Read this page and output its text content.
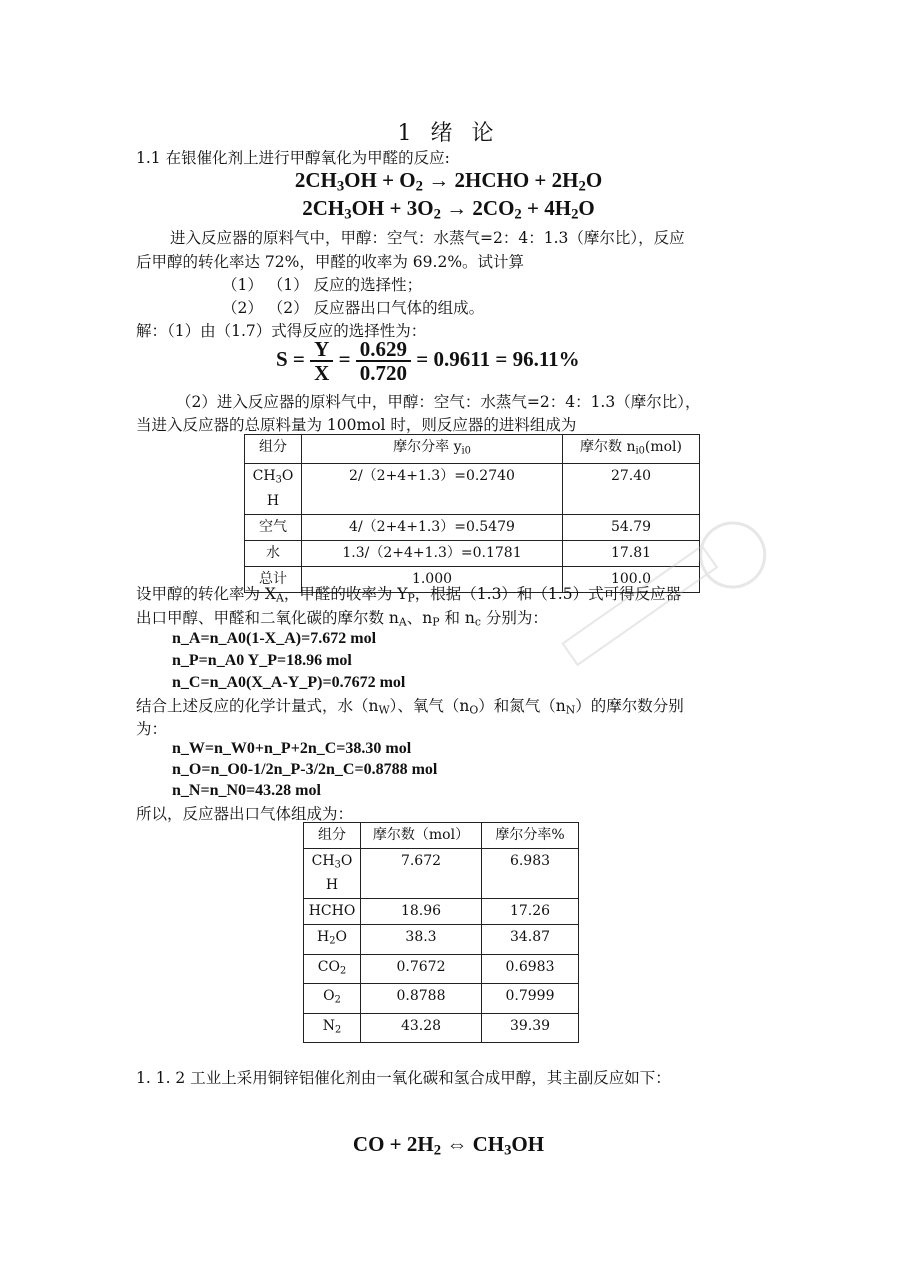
1 绪 论
1.1 在银催化剂上进行甲醇氧化为甲醛的反应:
$2CH_3OH + O_2$ → 2HCHO + $2H_2O$
$2CH_3OH + 3O_2 \to 2CO_2 + 4H_2O$
进入反应器的原料气中，甲醇：空气：水蒸气=2：4：1.3（摩尔比），反应
后甲醇的转化率达 72%，甲醛的收率为 69.2%。试计算
（1） （1） 反应的选择性；
（2） （2） 反应器出口气体的组成。
解：（1）由（1.7）式得反应的选择性为：
$S = \frac{Y}{X} = \frac{0.629}{0.720} = 0.9611 = 96.11\%$
（2）进入反应器的原料气中，甲醇：空气：水蒸气=2：4：1.3（摩尔比），
当进入反应器的总原料量为 100mol 时，则反应器的进料组成为
组分	摩尔分率 $y_{i0}$	摩尔数 $n_{i0}(mol)$
$CH_3O$
H	2/（2+4+1.3）=0.2740	27.40
空气	4/（2+4+1.3）=0.5479	54.79
水	1.3/（2+4+1.3）=0.1781	17.81
总计	1.000	100.0
设甲醇的转化率为 $X_A$，甲醛的收率为 $Y_P$，根据（1.3）和（1.5）式可得反应器
出口甲醇、甲醛和二氧化碳的摩尔数 $n_A$、$n_P$ 和 $n_c$ 分别为：
n_A=n_A0(1-X_A)=7.672 mol
n_P=n_A0 Y_P=18.96 mol
n_C=n_A0(X_A-Y_P)=0.7672 mol
结合上述反应的化学计量式，水$(n_W)$、氧气$(n_O)$和氮气$(n_N)$的摩尔数分别
为：
n_W=n_W0+n_P+2n_C=38.30 mol
n_O=n_O0-1/2n_P-3/2n_C=0.8788 mol
n_N=n_N0=43.28 mol
所以，反应器出口气体组成为：
组分	摩尔数（mol）	摩尔分率%
$CH_3O$
H	7.672	6.983
HCHO	18.96	17.26
$H_2O$	38.3	34.87
$CO_2$	0.7672	0.6983
$O_2$	0.8788	0.7999
$N_2$	43.28	39.39
1. 1. 2 工业上采用铜锌铝催化剂由一氧化碳和氢合成甲醇，其主副反应如下：
CO + $2H_2$ ⇔ $CH_3OH$
